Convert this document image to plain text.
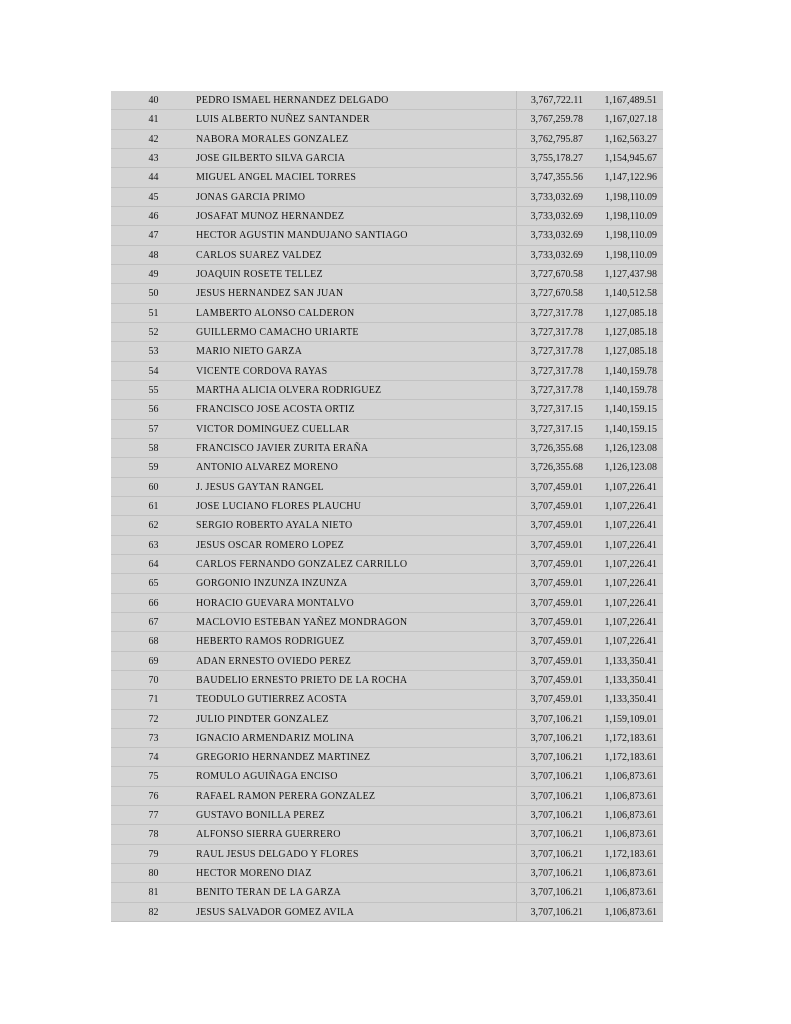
40	PEDRO ISMAEL HERNANDEZ DELGADO	3,767,722.11	1,167,489.51
41	LUIS ALBERTO NUÑEZ SANTANDER	3,767,259.78	1,167,027.18
42	NABORA MORALES GONZALEZ	3,762,795.87	1,162,563.27
43	JOSE GILBERTO SILVA GARCIA	3,755,178.27	1,154,945.67
44	MIGUEL ANGEL MACIEL TORRES	3,747,355.56	1,147,122.96
45	JONAS GARCIA PRIMO	3,733,032.69	1,198,110.09
46	JOSAFAT MUNOZ HERNANDEZ	3,733,032.69	1,198,110.09
47	HECTOR AGUSTIN MANDUJANO SANTIAGO	3,733,032.69	1,198,110.09
48	CARLOS SUAREZ VALDEZ	3,733,032.69	1,198,110.09
49	JOAQUIN ROSETE TELLEZ	3,727,670.58	1,127,437.98
50	JESUS HERNANDEZ SAN JUAN	3,727,670.58	1,140,512.58
51	LAMBERTO ALONSO CALDERON	3,727,317.78	1,127,085.18
52	GUILLERMO CAMACHO URIARTE	3,727,317.78	1,127,085.18
53	MARIO NIETO GARZA	3,727,317.78	1,127,085.18
54	VICENTE CORDOVA RAYAS	3,727,317.78	1,140,159.78
55	MARTHA ALICIA OLVERA RODRIGUEZ	3,727,317.78	1,140,159.78
56	FRANCISCO JOSE ACOSTA ORTIZ	3,727,317.15	1,140,159.15
57	VICTOR DOMINGUEZ CUELLAR	3,727,317.15	1,140,159.15
58	FRANCISCO JAVIER ZURITA ERAÑA	3,726,355.68	1,126,123.08
59	ANTONIO ALVAREZ MORENO	3,726,355.68	1,126,123.08
60	J. JESUS GAYTAN RANGEL	3,707,459.01	1,107,226.41
61	JOSE LUCIANO FLORES PLAUCHU	3,707,459.01	1,107,226.41
62	SERGIO ROBERTO AYALA NIETO	3,707,459.01	1,107,226.41
63	JESUS OSCAR ROMERO LOPEZ	3,707,459.01	1,107,226.41
64	CARLOS FERNANDO GONZALEZ CARRILLO	3,707,459.01	1,107,226.41
65	GORGONIO INZUNZA INZUNZA	3,707,459.01	1,107,226.41
66	HORACIO GUEVARA MONTALVO	3,707,459.01	1,107,226.41
67	MACLOVIO ESTEBAN YAÑEZ MONDRAGON	3,707,459.01	1,107,226.41
68	HEBERTO RAMOS RODRIGUEZ	3,707,459.01	1,107,226.41
69	ADAN ERNESTO OVIEDO PEREZ	3,707,459.01	1,133,350.41
70	BAUDELIO ERNESTO PRIETO DE LA ROCHA	3,707,459.01	1,133,350.41
71	TEODULO GUTIERREZ ACOSTA	3,707,459.01	1,133,350.41
72	JULIO PINDTER GONZALEZ	3,707,106.21	1,159,109.01
73	IGNACIO ARMENDARIZ MOLINA	3,707,106.21	1,172,183.61
74	GREGORIO HERNANDEZ MARTINEZ	3,707,106.21	1,172,183.61
75	ROMULO AGUIÑAGA ENCISO	3,707,106.21	1,106,873.61
76	RAFAEL RAMON PERERA GONZALEZ	3,707,106.21	1,106,873.61
77	GUSTAVO BONILLA PEREZ	3,707,106.21	1,106,873.61
78	ALFONSO SIERRA GUERRERO	3,707,106.21	1,106,873.61
79	RAUL JESUS DELGADO Y FLORES	3,707,106.21	1,172,183.61
80	HECTOR MORENO DIAZ	3,707,106.21	1,106,873.61
81	BENITO TERAN DE LA GARZA	3,707,106.21	1,106,873.61
82	JESUS SALVADOR GOMEZ AVILA	3,707,106.21	1,106,873.61
